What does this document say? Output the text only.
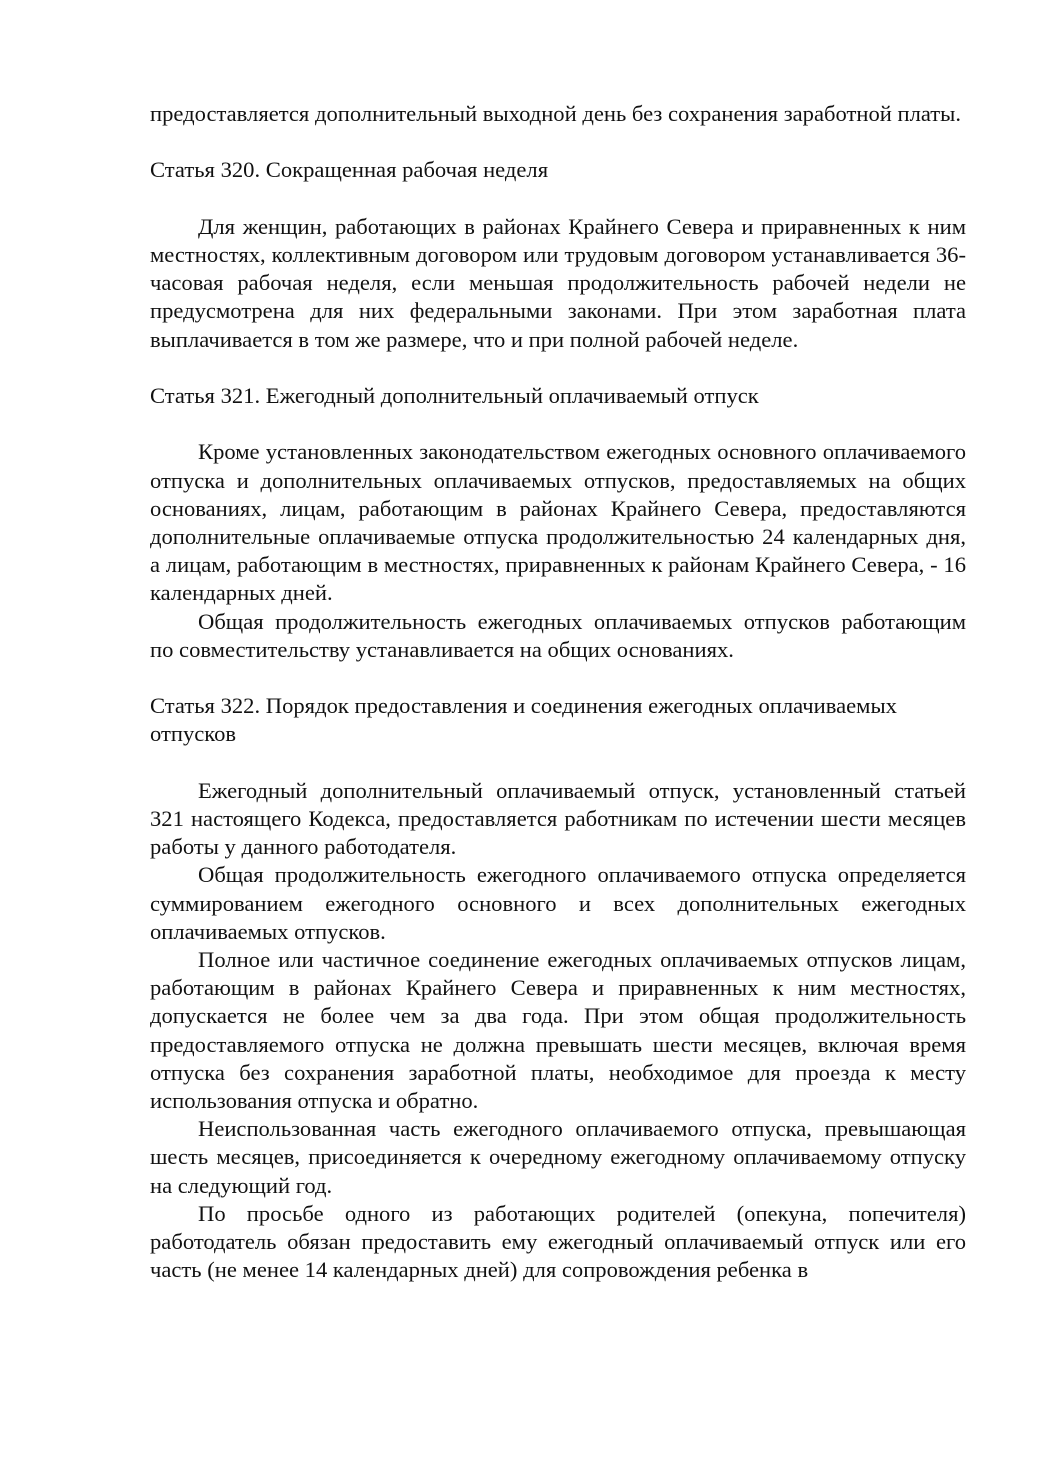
предоставляется дополнительный выходной день без сохранения заработной платы.

Статья 320. Сокращенная рабочая неделя

Для женщин, работающих в районах Крайнего Севера и приравненных к ним местностях, коллективным договором или трудовым договором устанавливается 36-часовая рабочая неделя, если меньшая продолжительность рабочей недели не предусмотрена для них федеральными законами. При этом заработная плата выплачивается в том же размере, что и при полной рабочей неделе.

Статья 321. Ежегодный дополнительный оплачиваемый отпуск

Кроме установленных законодательством ежегодных основного оплачиваемого отпуска и дополнительных оплачиваемых отпусков, предоставляемых на общих основаниях, лицам, работающим в районах Крайнего Севера, предоставляются дополнительные оплачиваемые отпуска продолжительностью 24 календарных дня, а лицам, работающим в местностях, приравненных к районам Крайнего Севера, - 16 календарных дней.

Общая продолжительность ежегодных оплачиваемых отпусков работающим по совместительству устанавливается на общих основаниях.

Статья 322. Порядок предоставления и соединения ежегодных оплачиваемых отпусков

Ежегодный дополнительный оплачиваемый отпуск, установленный статьей 321 настоящего Кодекса, предоставляется работникам по истечении шести месяцев работы у данного работодателя.

Общая продолжительность ежегодного оплачиваемого отпуска определяется суммированием ежегодного основного и всех дополнительных ежегодных оплачиваемых отпусков.

Полное или частичное соединение ежегодных оплачиваемых отпусков лицам, работающим в районах Крайнего Севера и приравненных к ним местностях, допускается не более чем за два года. При этом общая продолжительность предоставляемого отпуска не должна превышать шести месяцев, включая время отпуска без сохранения заработной платы, необходимое для проезда к месту использования отпуска и обратно.

Неиспользованная часть ежегодного оплачиваемого отпуска, превышающая шесть месяцев, присоединяется к очередному ежегодному оплачиваемому отпуску на следующий год.

По просьбе одного из работающих родителей (опекуна, попечителя) работодатель обязан предоставить ему ежегодный оплачиваемый отпуск или его часть (не менее 14 календарных дней) для сопровождения ребенка в
